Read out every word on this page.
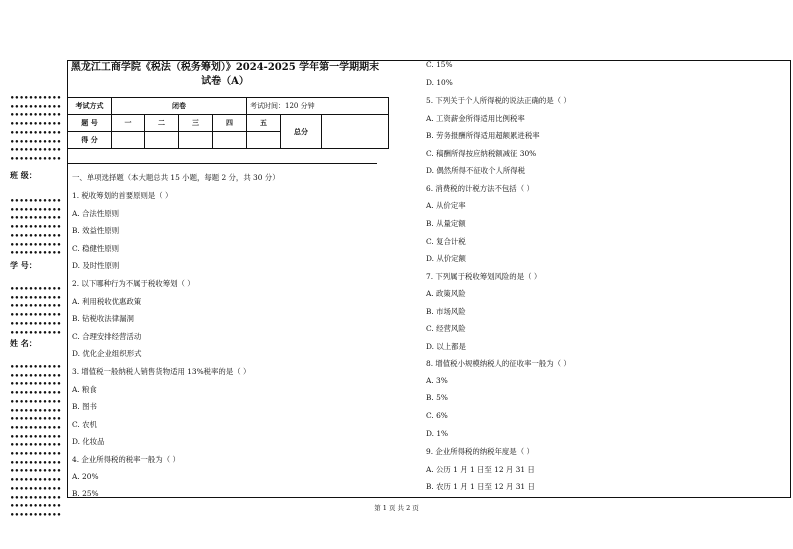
•••••••••••
•••••••••••
•••••••••••
•••••••••••
•••••••••••
•••••••••••
•••••••••••
•••••••••••
班 级：
•••••••••••
•••••••••••
•••••••••••
•••••••••••
•••••••••••
•••••••••••
•••••••••••
学 号：
•••••••••••
•••••••••••
•••••••••••
•••••••••••
•••••••••••
•••••••••••
姓 名：
•••••••••••
•••••••••••
•••••••••••
•••••••••••
•••••••••••
•••••••••••
•••••••••••
•••••••••••
•••••••••••
•••••••••••
•••••••••••
•••••••••••
•••••••••••
•••••••••••
•••••••••••
•••••••••••
•••••••••••
•••••••••••
黑龙江工商学院《税法（税务筹划）》2024-2025 学年第一学期期末试卷（A）
考试方式	闭卷				考试时间：120 分钟		
题 号	一	二	三	四	五	总分	
得 分							
一、单项选择题（本大题总共 15 小题，每题 2 分，共 30 分）
1. 税收筹划的首要原则是（ ）
A. 合法性原则
B. 效益性原则
C. 稳健性原则
D. 及时性原则
2. 以下哪种行为不属于税收筹划（ ）
A. 利用税收优惠政策
B. 钻税收法律漏洞
C. 合理安排经营活动
D. 优化企业组织形式
3. 增值税一般纳税人销售货物适用 13%税率的是（ ）
A. 粮食
B. 图书
C. 农机
D. 化妆品
4. 企业所得税的税率一般为（ ）
A. 20%
B. 25%
C. 15%
D. 10%
5. 下列关于个人所得税的说法正确的是（ ）
A. 工资薪金所得适用比例税率
B. 劳务报酬所得适用超额累进税率
C. 稿酬所得按应纳税额减征 30%
D. 偶然所得不征收个人所得税
6. 消费税的计税方法不包括（ ）
A. 从价定率
B. 从量定额
C. 复合计税
D. 从价定额
7. 下列属于税收筹划风险的是（ ）
A. 政策风险
B. 市场风险
C. 经营风险
D. 以上都是
8. 增值税小规模纳税人的征收率一般为（ ）
A. 3%
B. 5%
C. 6%
D. 1%
9. 企业所得税的纳税年度是（ ）
A. 公历 1 月 1 日至 12 月 31 日
B. 农历 1 月 1 日至 12 月 31 日
第 1 页 共 2 页
